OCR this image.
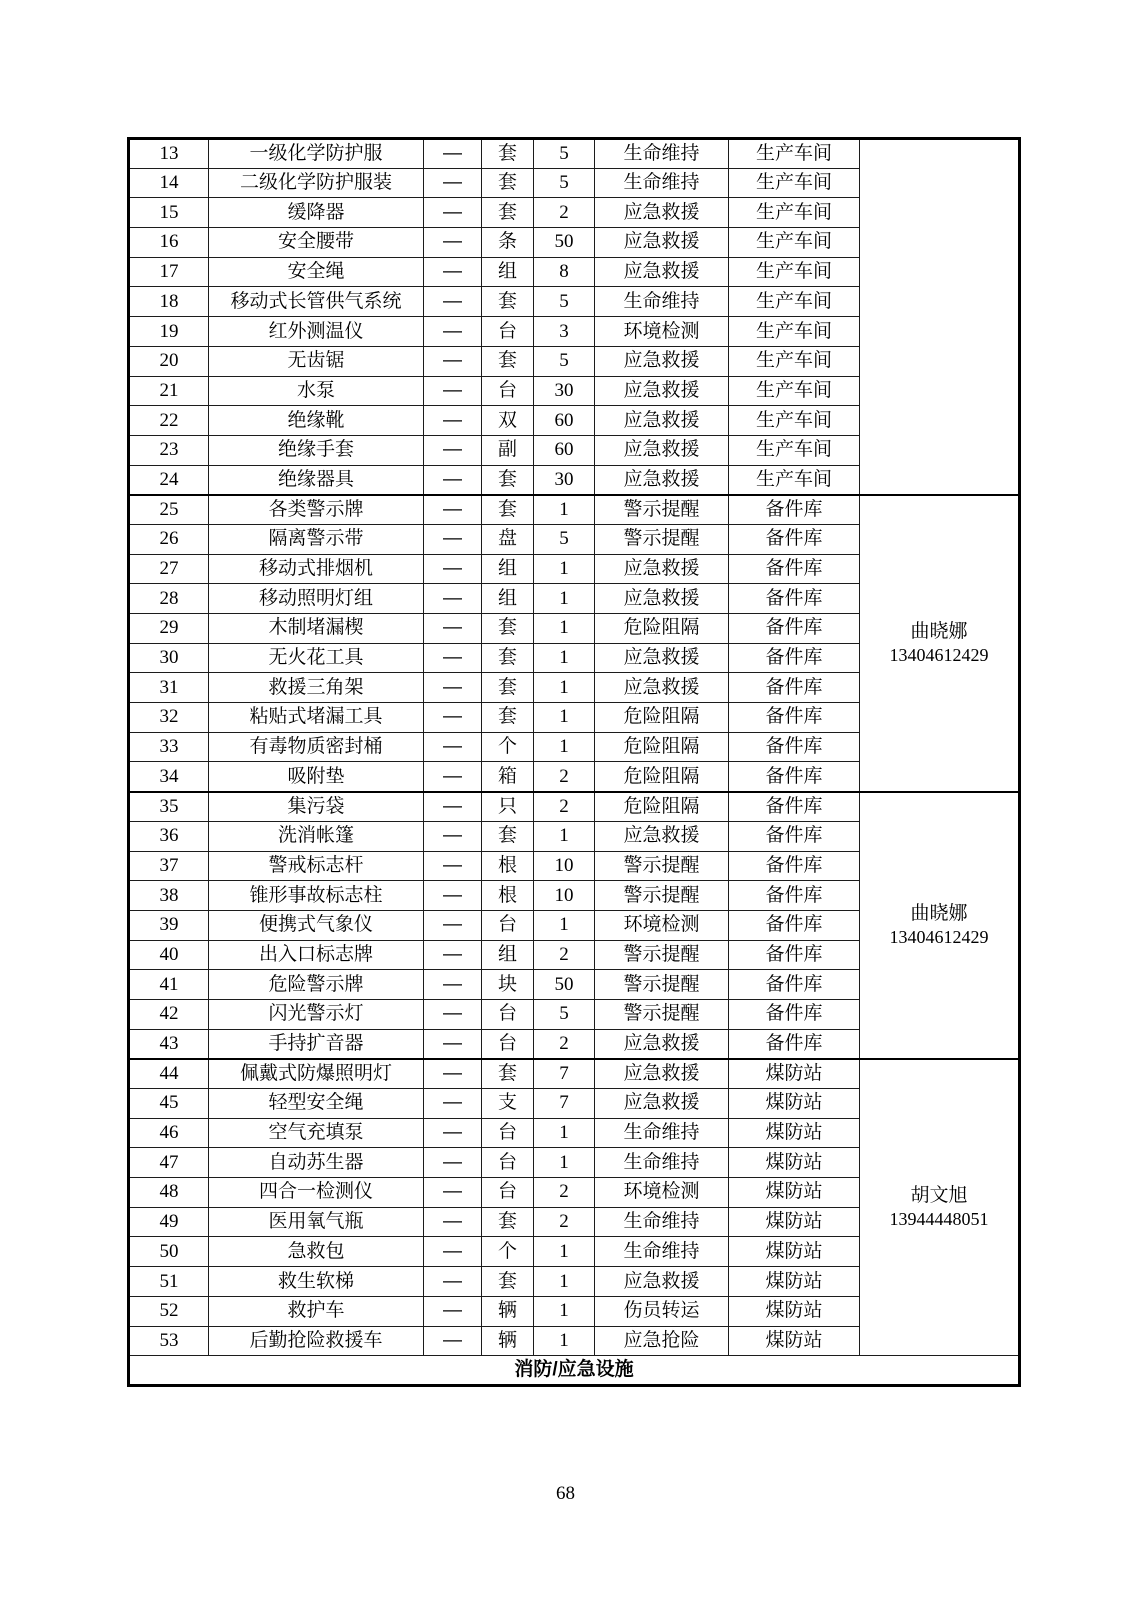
13	一级化学防护服	—	套	5	生命维持	生产车间	

14	二级化学防护服装	—	套	5	生命维持	生产车间	
15	缓降器	—	套	2	应急救援	生产车间	
16	安全腰带	—	条	50	应急救援	生产车间	
17	安全绳	—	组	8	应急救援	生产车间	
18	移动式长管供气系统	—	套	5	生命维持	生产车间	
19	红外测温仪	—	台	3	环境检测	生产车间	
20	无齿锯	—	套	5	应急救援	生产车间	
21	水泵	—	台	30	应急救援	生产车间	
22	绝缘靴	—	双	60	应急救援	生产车间	
23	绝缘手套	—	副	60	应急救援	生产车间	
24	绝缘器具	—	套	30	应急救援	生产车间	
25	各类警示牌	—	套	1	警示提醒	备件库	曲晓娜
13404612429

26	隔离警示带	—	盘	5	警示提醒	备件库	
27	移动式排烟机	—	组	1	应急救援	备件库	
28	移动照明灯组	—	组	1	应急救援	备件库	
29	木制堵漏楔	—	套	1	危险阻隔	备件库	
30	无火花工具	—	套	1	应急救援	备件库	
31	救援三角架	—	套	1	应急救援	备件库	
32	粘贴式堵漏工具	—	套	1	危险阻隔	备件库	
33	有毒物质密封桶	—	个	1	危险阻隔	备件库	
34	吸附垫	—	箱	2	危险阻隔	备件库	
35	集污袋	—	只	2	危险阻隔	备件库	曲晓娜
13404612429

36	洗消帐篷	—	套	1	应急救援	备件库	
37	警戒标志杆	—	根	10	警示提醒	备件库	
38	锥形事故标志柱	—	根	10	警示提醒	备件库	
39	便携式气象仪	—	台	1	环境检测	备件库	
40	出入口标志牌	—	组	2	警示提醒	备件库	
41	危险警示牌	—	块	50	警示提醒	备件库	
42	闪光警示灯	—	台	5	警示提醒	备件库	
43	手持扩音器	—	台	2	应急救援	备件库	
44	佩戴式防爆照明灯	—	套	7	应急救援	煤防站	胡文旭
13944448051

45	轻型安全绳	—	支	7	应急救援	煤防站	
46	空气充填泵	—	台	1	生命维持	煤防站	
47	自动苏生器	—	台	1	生命维持	煤防站	
48	四合一检测仪	—	台	2	环境检测	煤防站	
49	医用氧气瓶	—	套	2	生命维持	煤防站	
50	急救包	—	个	1	生命维持	煤防站	
51	救生软梯	—	套	1	应急救援	煤防站	
52	救护车	—	辆	1	伤员转运	煤防站	
53	后勤抢险救援车	—	辆	1	应急抢险	煤防站	
消防/应急设施							
68
